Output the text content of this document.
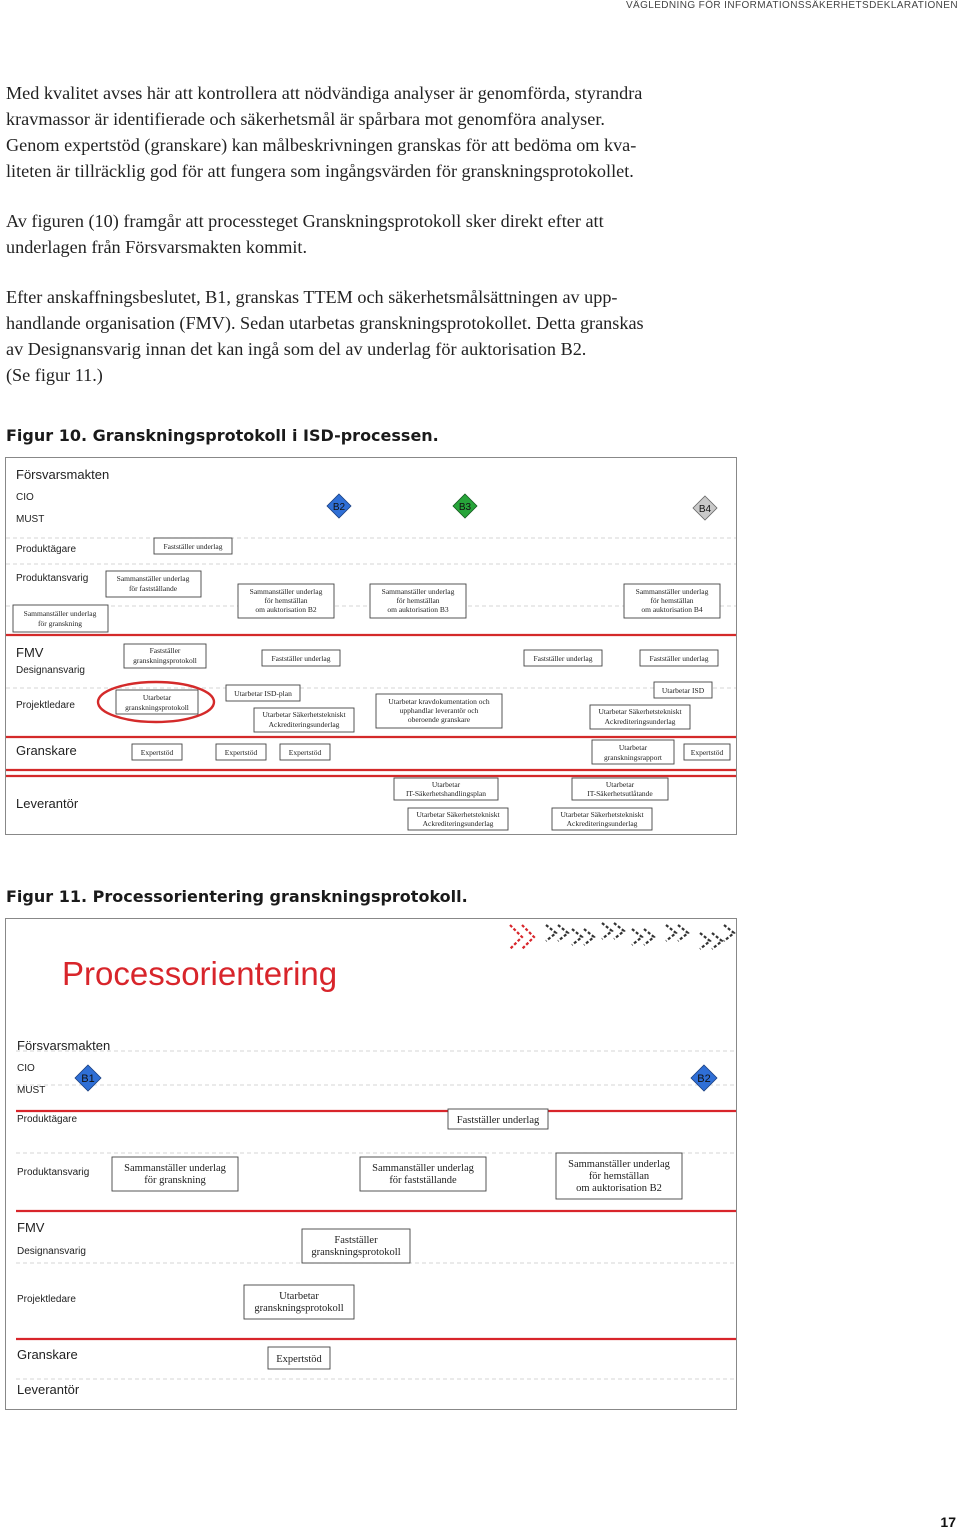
VÄGLEDNING FÖR INFORMATIONSSÄKERHETSDEKLARATIONEN

Med kvalitet avses här att kontrollera att nödvändiga analyser är genomförda, styrandra
kravmassor är identifierade och säkerhetsmål är spårbara mot genomföra analyser.
Genom expertstöd (granskare) kan målbeskrivningen granskas för att bedöma om kva-
liteten är tillräcklig god för att fungera som ingångsvärden för granskningsprotokollet.

Av figuren (10) framgår att processteget Granskningsprotokoll sker direkt efter att
underlagen från Försvarsmakten kommit.

Efter anskaffningsbeslutet, B1, granskas TTEM och säkerhetsmålsättningen av upp-
handlande organisation (FMV). Sedan utarbetas granskningsprotokollet. Detta granskas
av Designansvarig innan det kan ingå som del av underlag för auktorisation B2.
(Se figur 11.)

Figur 10. Granskningsprotokoll i ISD-processen.
Försvarsmakten
CIO
MUST
Produktägare
Produktansvarig
FMV
Designansvarig
Projektledare
Granskare
Leverantör
B2	B3	B4
Fastställer underlag
Sammanställer underlag
för fastställande
Sammanställer underlag
för granskning
Sammanställer underlag
för hemställan
om auktorisation B2
Sammanställer underlag
för hemställan
om auktorisation B3
Sammanställer underlag
för hemställan
om auktorisation B4
Fastställer
granskningsprotokoll	Fastställer underlag	Fastställer underlag	Fastställer underlag
Utarbetar
granskningsprotokoll
Utarbetar ISD-plan
Utarbetar Säkerhetstekniskt
Ackrediteringsunderlag
Utarbetar kravdokumentation och
upphandlar leverantör och
oberoende granskare
Utarbetar ISD
Utarbetar Säkerhetstekniskt
Ackrediteringsunderlag
Expertstöd	Expertstöd	Expertstöd
Utarbetar
granskningsrapport
Expertstöd
Utarbetar
IT-Säkerhetshandlingsplan
Utarbetar
IT-Säkerhetsutlåtande
Utarbetar Säkerhetstekniskt
Ackrediteringsunderlag
Utarbetar Säkerhetstekniskt
Ackrediteringsunderlag
Figur 11. Processorientering granskningsprotokoll.
Processorientering
Försvarsmakten
CIO
MUST
Produktägare
Produktansvarig
FMV
Designansvarig
Projektledare
Granskare
Leverantör
B1	B2
Fastställer underlag
Sammanställer underlag
för granskning
Sammanställer underlag
för fastställande
Sammanställer underlag
för hemställan
om auktorisation B2
Fastställer
granskningsprotokoll
Utarbetar
granskningsprotokoll
Expertstöd
17
